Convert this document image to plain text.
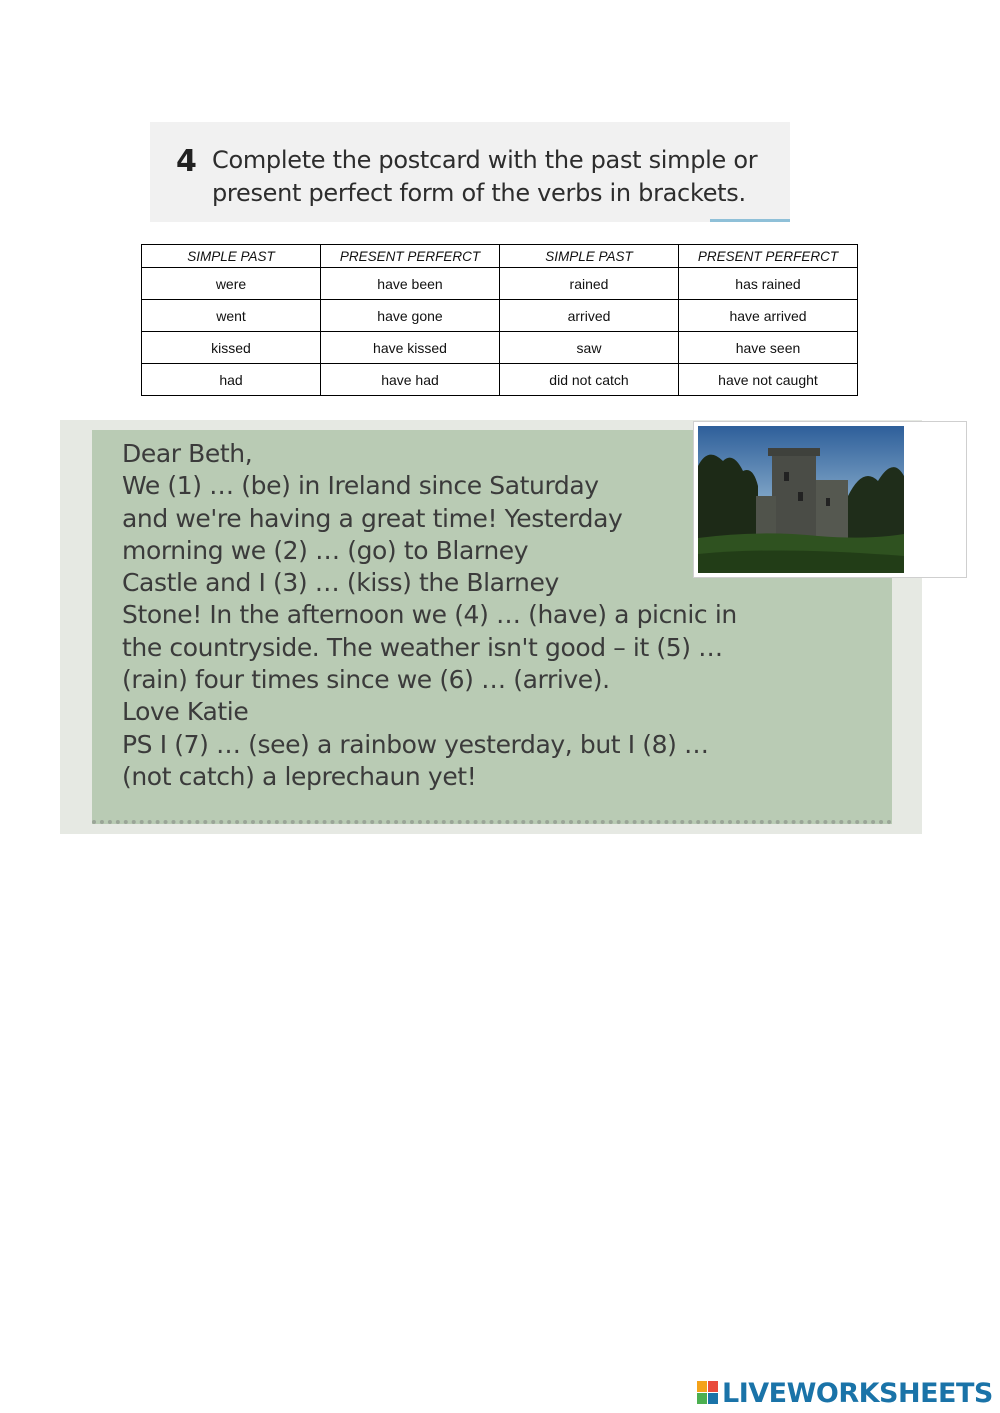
4 Complete the postcard with the past simple or
present perfect form of the verbs in brackets.
SIMPLE PAST	PRESENT PERFERCT	SIMPLE PAST	PRESENT PERFERCT
were	have been	rained	has rained
went	have gone	arrived	have arrived
kissed	have kissed	saw	have seen
had	have had	did not catch	have not caught

Dear Beth,

We (1) … (be) in Ireland since Saturday

and we're having a great time! Yesterday

morning we (2) … (go) to Blarney

Castle and I (3) … (kiss) the Blarney

Stone! In the afternoon we (4) … (have) a picnic in

the countryside. The weather isn't good – it (5) …

(rain) four times since we (6) … (arrive).

Love Katie

PS I (7) … (see) a rainbow yesterday, but I (8) …

(not catch) a leprechaun yet!

LIVEWORKSHEETS
